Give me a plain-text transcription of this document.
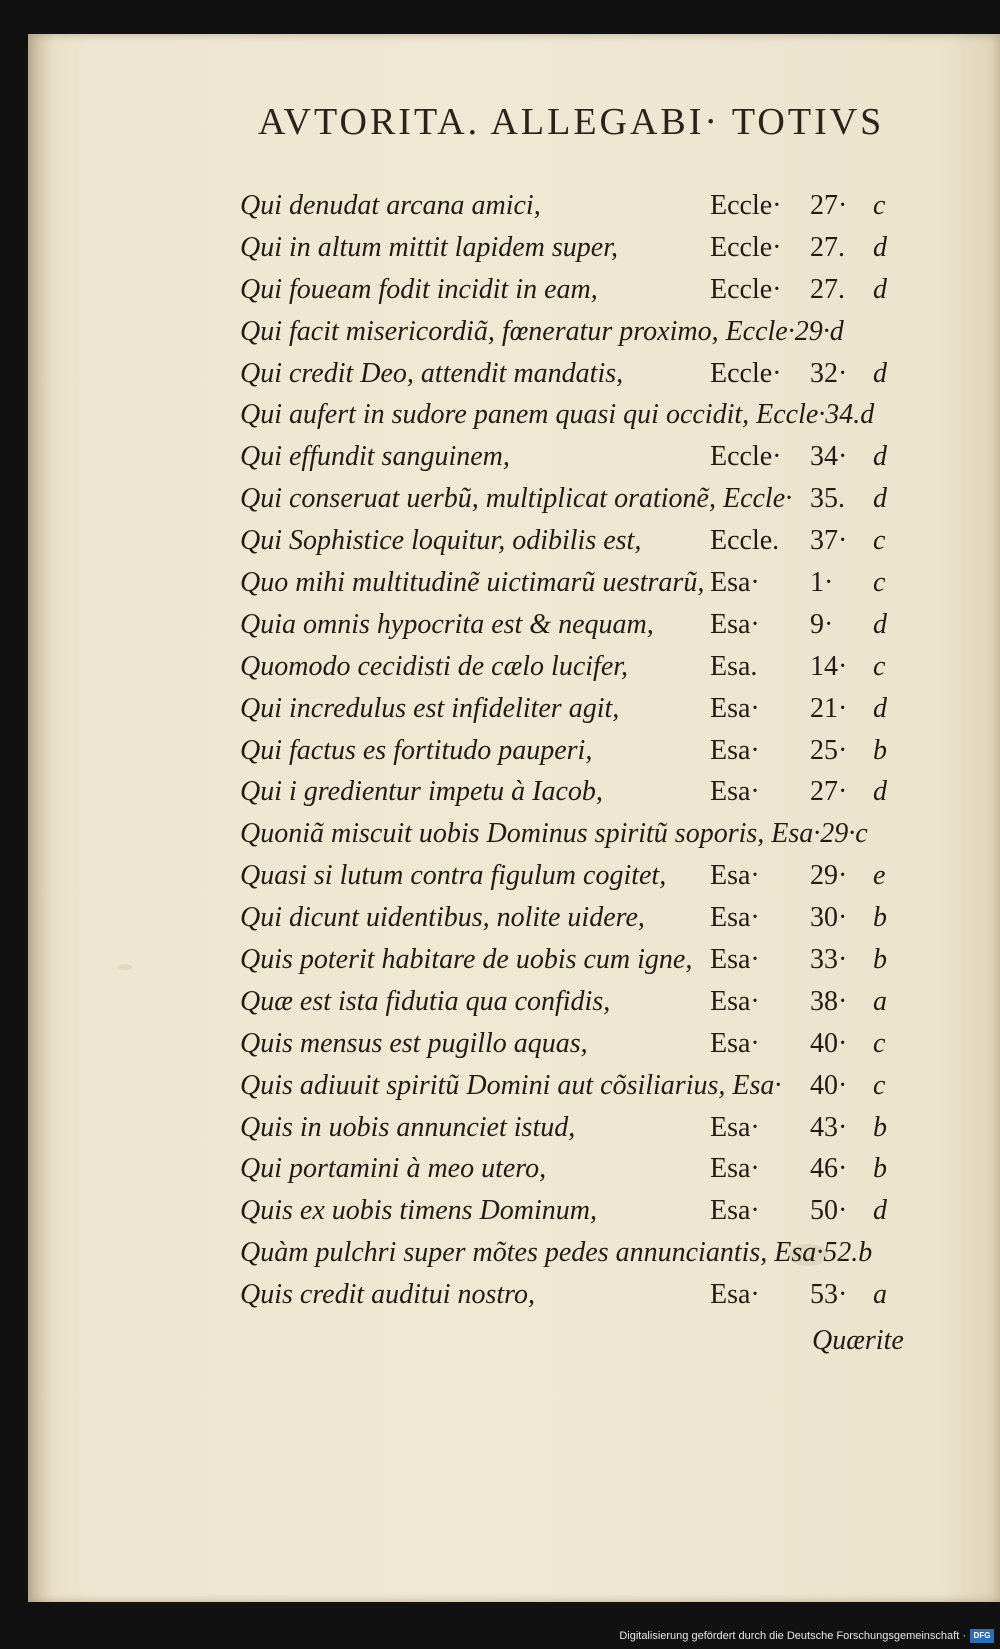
AVTORITA. ALLEGABI· TOTIVS
Qui denudat arcana amici,	Eccle· 27· c
Qui in altum mittit lapidem super,	Eccle· 27. d
Qui foueam fodit incidit in eam,	Eccle· 27. d
Qui facit misericordiã, fœneratur proximo, Eccle·29·d
Qui credit Deo, attendit mandatis,	Eccle· 32· d
Qui aufert in sudore panem quasi qui occidit, Eccle·34.d
Qui effundit sanguinem,	Eccle· 34· d
Qui conseruat uerbũ, multiplicat orationẽ, Eccle· 35. d
Qui Sophistice loquitur, odibilis est, Eccle. 37· c
Quo mihi multitudinẽ uictimarũ uestrarũ, Esa· 1· c
Quia omnis hypocrita est & nequam, Esa· 9· d
Quomodo cecidisti de cælo lucifer,	Esa. 14· c
Qui incredulus est infideliter agit,	Esa· 21· d
Qui factus es fortitudo pauperi,	Esa· 25· b
Qui i gredientur impetu à Iacob,	Esa· 27· d
Quoniã miscuit uobis Dominus spiritũ soporis, Esa·29·c
Quasi si lutum contra figulum cogitet, Esa· 29· e
Qui dicunt uidentibus, nolite uidere, Esa· 30· b
Quis poterit habitare de uobis cum igne, Esa· 33· b
Quæ est ista fidutia qua confidis,	Esa· 38· a
Quis mensus est pugillo aquas,	Esa· 40· c
Quis adiuuit spiritũ Domini aut cõsiliarius, Esa· 40· c
Quis in uobis annunciet istud,	Esa· 43· b
Qui portamini à meo utero,	Esa· 46· b
Quis ex uobis timens Dominum,	Esa· 50· d
Quàm pulchri super mõtes pedes annunciantis, Esa·52.b
Quis credit auditui nostro,	Esa· 53· a
Quærite
Digitalisierung gefördert durch die Deutsche Forschungsgemeinschaft · DFG
